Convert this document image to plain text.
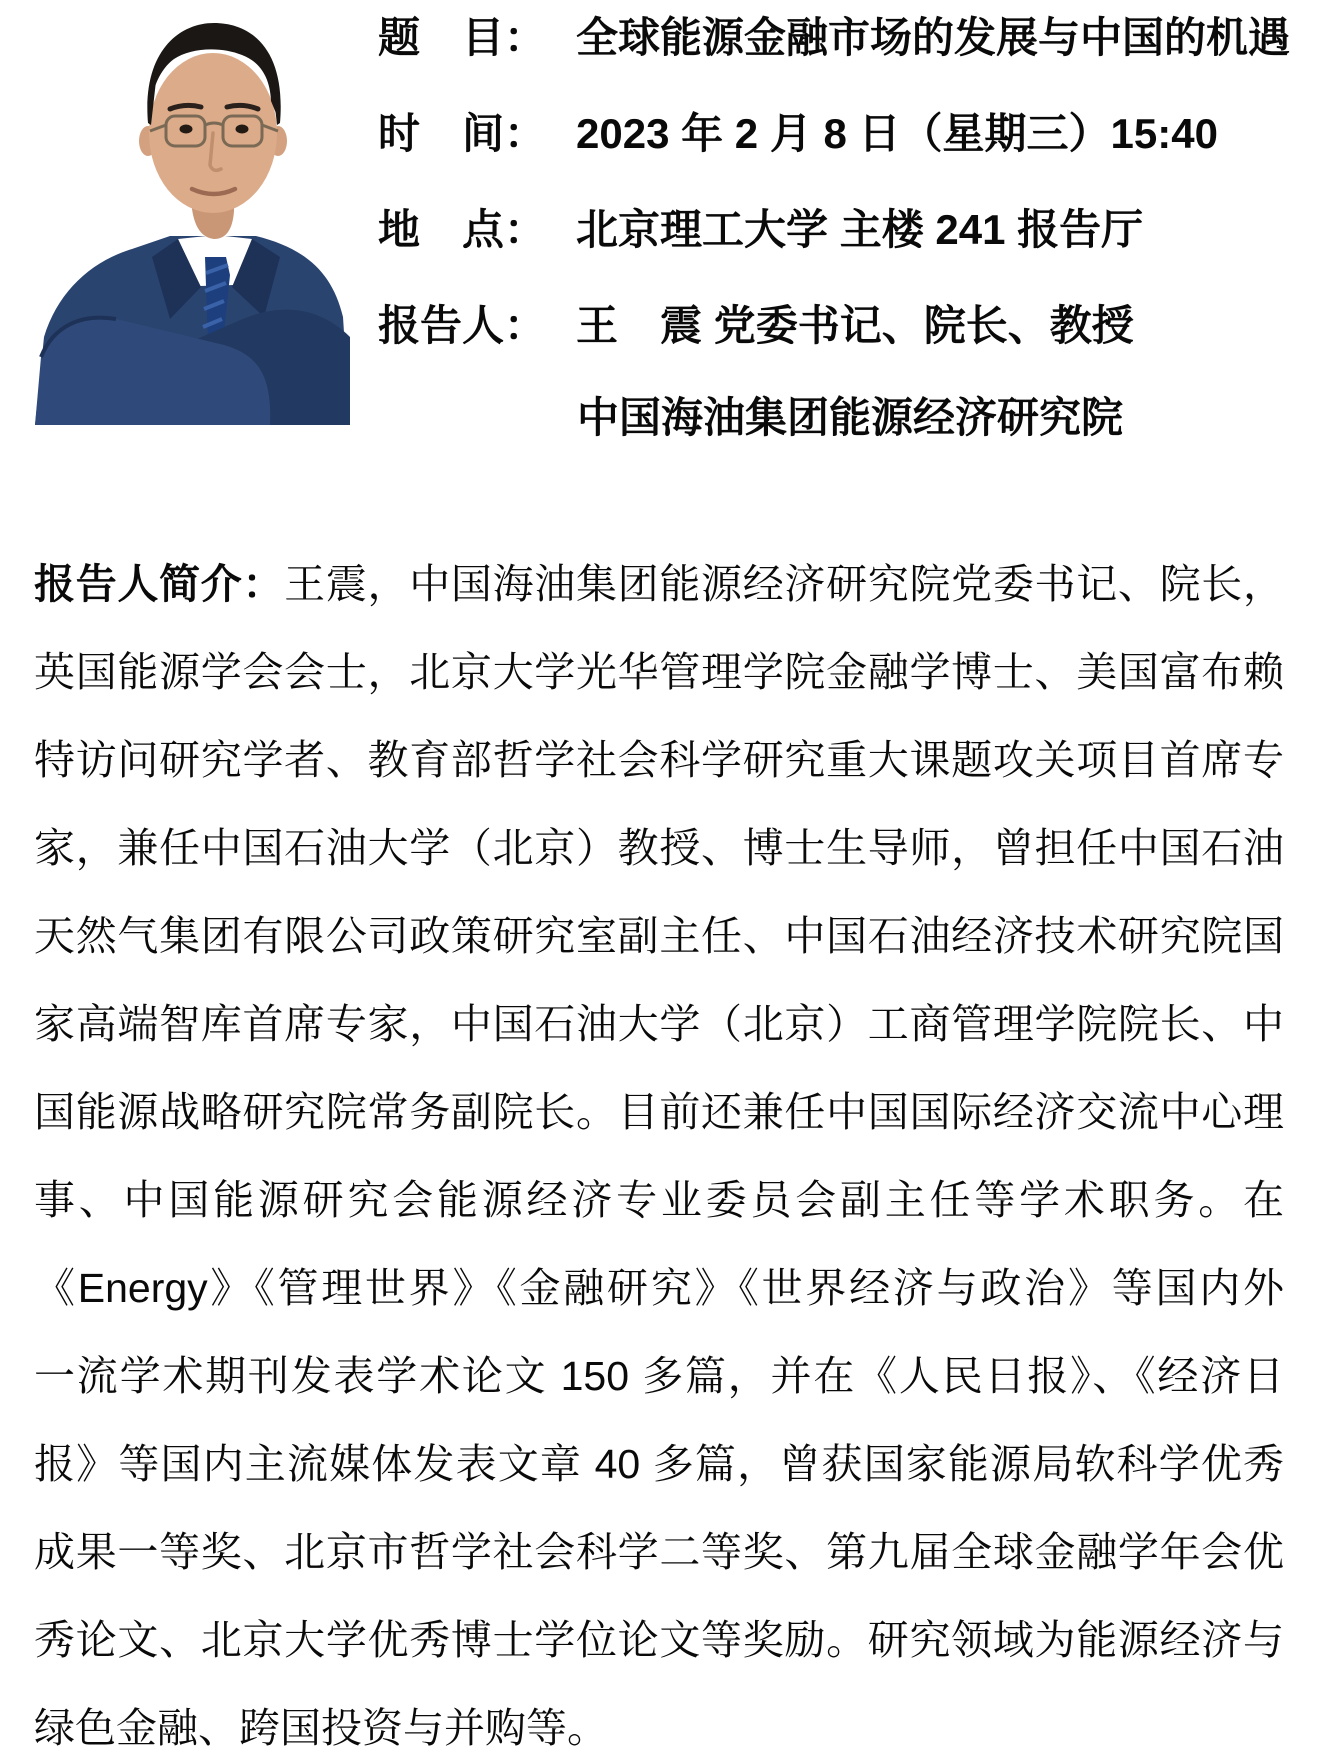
题　目 ： 全球能源金融市场的发展与中国的机遇
时　间 ： 2023 年 2 月 8 日（星期三）15:40
地　点 ： 北京理工大学 主楼 241 报告厅
报告人 ： 王　震 党委书记、院长、教授
中国海油集团能源经济研究院
报告人简介：王震，中国海油集团能源经济研究院党委书记、院长，
英国能源学会会士，北京大学光华管理学院金融学博士、美国富布赖
特访问研究学者、教育部哲学社会科学研究重大课题攻关项目首席专
家，兼任中国石油大学（北京）教授、博士生导师，曾担任中国石油
天然气集团有限公司政策研究室副主任、中国石油经济技术研究院国
家高端智库首席专家，中国石油大学（北京）工商管理学院院长、中
国能源战略研究院常务副院长。目前还兼任中国国际经济交流中心理
事、中国能源研究会能源经济专业委员会副主任等学术职务。在
《Energy》《管理世界》《金融研究》《世界经济与政治》等国内外
一流学术期刊发表学术论文 150 多篇，并在《人民日报》、《经济日
报》等国内主流媒体发表文章 40 多篇，曾获国家能源局软科学优秀
成果一等奖、北京市哲学社会科学二等奖、第九届全球金融学年会优
秀论文、北京大学优秀博士学位论文等奖励。研究领域为能源经济与
绿色金融、跨国投资与并购等。
